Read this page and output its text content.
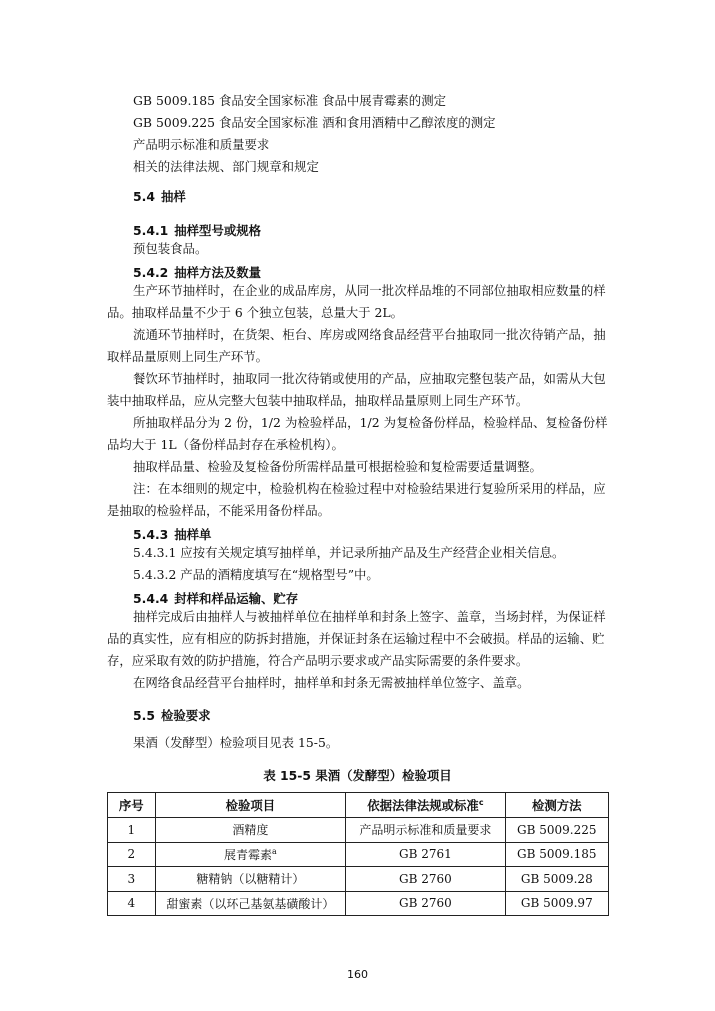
GB 5009.185 食品安全国家标准 食品中展青霉素的测定
GB 5009.225 食品安全国家标准 酒和食用酒精中乙醇浓度的测定
产品明示标准和质量要求
相关的法律法规、部门规章和规定
5.4 抽样
5.4.1 抽样型号或规格
预包装食品。
5.4.2 抽样方法及数量
生产环节抽样时，在企业的成品库房，从同一批次样品堆的不同部位抽取相应数量的样
品。抽取样品量不少于 6 个独立包装，总量大于 2L。
流通环节抽样时，在货架、柜台、库房或网络食品经营平台抽取同一批次待销产品，抽
取样品量原则上同生产环节。
餐饮环节抽样时，抽取同一批次待销或使用的产品，应抽取完整包装产品，如需从大包
装中抽取样品，应从完整大包装中抽取样品，抽取样品量原则上同生产环节。
所抽取样品分为 2 份，1/2 为检验样品，1/2 为复检备份样品，检验样品、复检备份样
品均大于 1L（备份样品封存在承检机构）。
抽取样品量、检验及复检备份所需样品量可根据检验和复检需要适量调整。
注：在本细则的规定中，检验机构在检验过程中对检验结果进行复验所采用的样品，应
是抽取的检验样品，不能采用备份样品。
5.4.3 抽样单
5.4.3.1 应按有关规定填写抽样单，并记录所抽产品及生产经营企业相关信息。
5.4.3.2 产品的酒精度填写在“规格型号”中。
5.4.4 封样和样品运输、贮存
抽样完成后由抽样人与被抽样单位在抽样单和封条上签字、盖章，当场封样，为保证样
品的真实性，应有相应的防拆封措施，并保证封条在运输过程中不会破损。样品的运输、贮
存，应采取有效的防护措施，符合产品明示要求或产品实际需要的条件要求。
在网络食品经营平台抽样时，抽样单和封条无需被抽样单位签字、盖章。
5.5 检验要求
果酒（发酵型）检验项目见表 15-5。
表 15-5 果酒（发酵型）检验项目
序号	检验项目	依据法律法规或标准$^c$	检测方法
1	酒精度	产品明示标准和质量要求	GB 5009.225
2	展青霉素$^a$	GB 2761	GB 5009.185
3	糖精钠（以糖精计）	GB 2760	GB 5009.28
4	甜蜜素（以环己基氨基磺酸计）	GB 2760	GB 5009.97
160
